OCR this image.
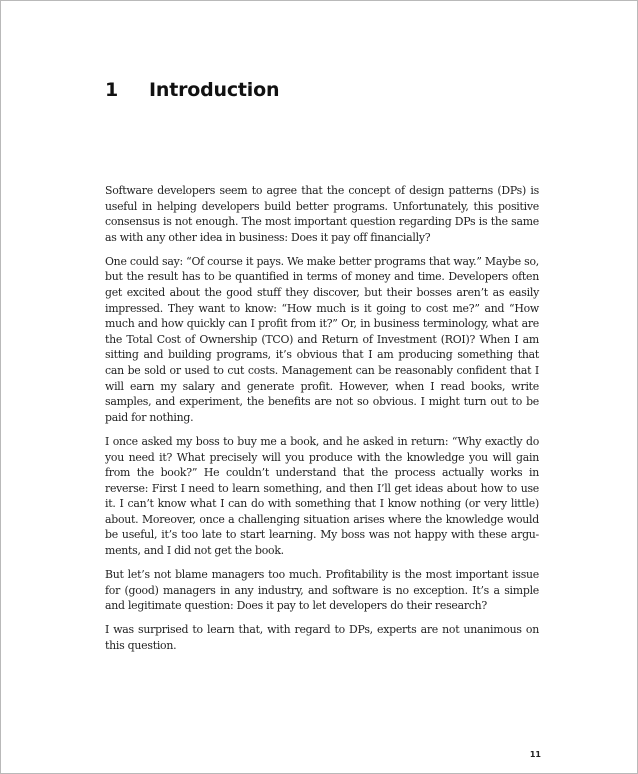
1 Introduction

Software developers seem to agree that the concept of design patterns (DPs) is useful in helping developers build better programs. Unfortunately, this positive consensus is not enough. The most important question regarding DPs is the same as with any other idea in business: Does it pay off financially?

One could say: “Of course it pays. We make better programs that way.” Maybe so, but the result has to be quantified in terms of money and time. Developers often get excited about the good stuff they discover, but their bosses aren’t as easily impressed. They want to know: “How much is it going to cost me?” and “How much and how quickly can I profit from it?” Or, in business terminology, what are the Total Cost of Ownership (TCO) and Return of Investment (ROI)? When I am sitting and building programs, it’s obvious that I am producing something that can be sold or used to cut costs. Management can be reasonably confident that I will earn my salary and generate profit. However, when I read books, write samples, and experiment, the benefits are not so obvious. I might turn out to be paid for nothing.

I once asked my boss to buy me a book, and he asked in return: “Why exactly do you need it? What precisely will you produce with the knowledge you will gain from the book?” He couldn’t understand that the process actually works in reverse: First I need to learn something, and then I’ll get ideas about how to use it. I can’t know what I can do with something that I know nothing (or very little) about. Moreover, once a challenging situation arises where the knowledge would be useful, it’s too late to start learning. My boss was not happy with these argu-ments, and I did not get the book.

But let’s not blame managers too much. Profitability is the most important issue for (good) managers in any industry, and software is no exception. It’s a simple and legitimate question: Does it pay to let developers do their research?

I was surprised to learn that, with regard to DPs, experts are not unanimous on this question.

11
